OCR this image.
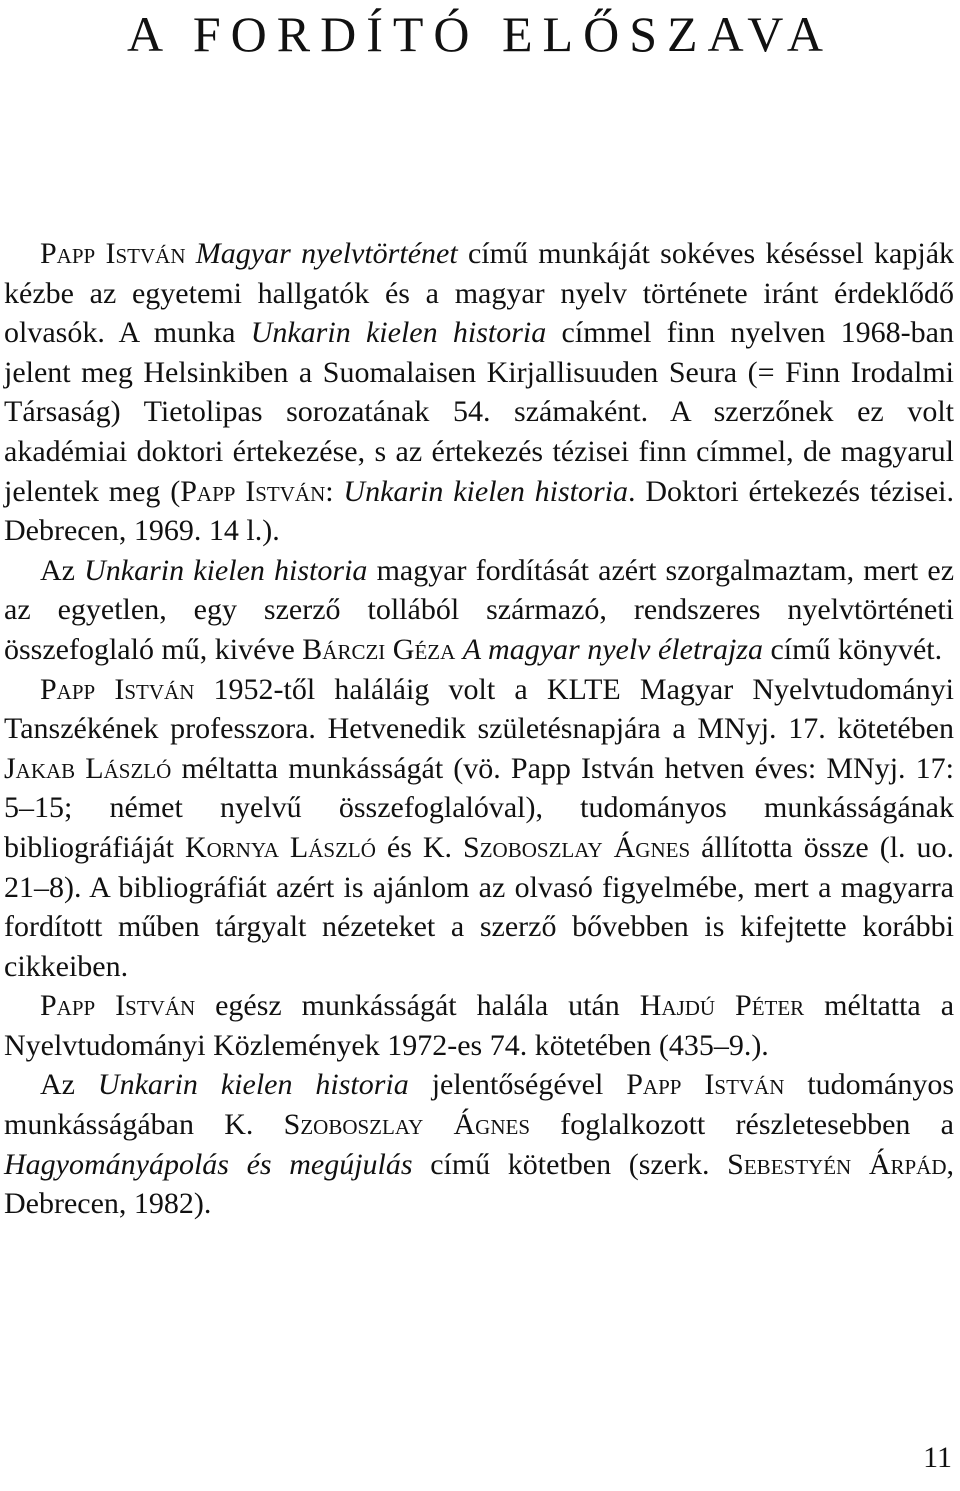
A FORDÍTÓ ELŐSZAVA

Papp István Magyar nyelvtörténet című munkáját sokéves késéssel kapják kézbe az egyetemi hallgatók és a magyar nyelv története iránt érdeklődő olvasók. A munka Unkarin kielen historia címmel finn nyelven 1968-ban jelent meg Helsinkiben a Suomalaisen Kirjallisuuden Seura (= Finn Irodalmi Társaság) Tietolipas sorozatának 54. számaként. A szerzőnek ez volt akadémiai doktori értekezése, s az értekezés tézisei finn címmel, de magyarul jelentek meg (Papp István: Unkarin kielen historia. Doktori értekezés tézisei. Debrecen, 1969. 14 l.).

Az Unkarin kielen historia magyar fordítását azért szorgalmaztam, mert ez az egyetlen, egy szerző tollából származó, rendszeres nyelvtörténeti összefoglaló mű, kivéve Bárczi Géza A magyar nyelv életrajza című könyvét.

Papp István 1952-től haláláig volt a KLTE Magyar Nyelvtudományi Tanszékének professzora. Hetvenedik születésnapjára a MNyj. 17. kötetében Jakab László méltatta munkásságát (vö. Papp István hetven éves: MNyj. 17: 5–15; német nyelvű összefoglalóval), tudományos munkásságának bibliográfiáját Kornya László és K. Szoboszlay Ágnes állította össze (l. uo. 21–8). A bibliográfiát azért is ajánlom az olvasó figyelmébe, mert a magyarra fordított műben tárgyalt nézeteket a szerző bővebben is kifejtette korábbi cikkeiben.

Papp István egész munkásságát halála után Hajdú Péter méltatta a Nyelvtudományi Közlemények 1972-es 74. kötetében (435–9.).

Az Unkarin kielen historia jelentőségével Papp István tudományos munkásságában K. Szoboszlay Ágnes foglalkozott részletesebben a Hagyományápolás és megújulás című kötetben (szerk. Sebestyén Árpád, Debrecen, 1982).

11
